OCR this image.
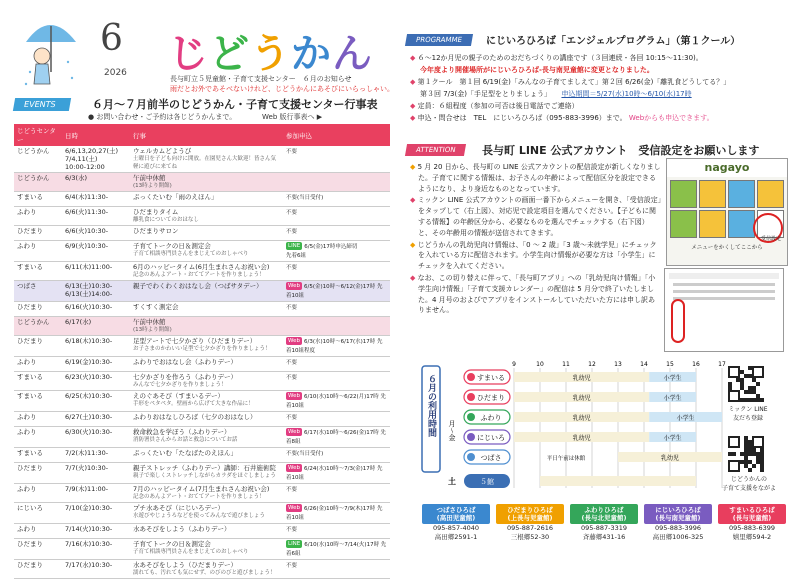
6
2026 じどうかん
長与町立５児童館・子育て支援センター　６月のお知らせ
雨だとお外であそべないけれど、じどうかんにあそびにいらっしゃい。
EVENTS	６月〜７月前半のじどうかん・子育て支援センター行事表
● お問い合わせ・ご予約は各じどうかんまで。	Web 版行事表へ ▶
じどうセンター	日時	行事	参加申込
じどうかん	6/6,13,20,27(土)
7/4,11(土)
10:00-12:00	ウェルカムどようび
土曜日を子ども向けに開放。在園児さん大歓迎！皆さん気軽に遊びに来てね	不要
じどうかん	6/3(水)	午前中休館
(13時より開館)	

すまいる	6/4(木)11:30-	ぷっくたいむ「雨のえほん」	不要(当日受付)
ふわり	6/6(火)11:30-	ひだまりタイム
離乳食についてのおはなし	不要
ひだまり	6/6(火)10:30-	ひだまりサロン	不要
ふわり	6/9(火)10:30-	子育てトークの日＆測定会
子育て相談専門員さんをまじえてのおしゃべり	LINE 6/5(金)17時申込締切
先着6組
すまいる	6/11(木)11:00-	6月のハッピータイム(6月生まれさんお祝い会)
記念のあんよアート・おててアートを作りましょう！	不要
つばさ	6/13(土)10:30-
6/13(土)14:00-	親子でわくわくおはなし会（つばサタデー）	Web 6/5(金)10時〜6/12(金)17時 先着10組
ひだまり	6/16(火)10:30-	すくすく測定会	不要
じどうかん	6/17(水)	午前中休館
(13時より開館)	

ひだまり	6/18(木)10:30-	足型アートで七夕かざり（ひだまりデー）
お子さまのかわいい足型で七夕かざりを作りましょう！	Web 6/3(水)10時〜6/17(水)17時 先着10組程度
ふわり	6/19(金)10:30-	ふわりでおはなし会（ふわりデー）	不要
すまいる	6/23(火)10:30-	七夕かざりを作ろう（ふわりデー）
みんなで七夕かざりを作りましょう！	不要
すまいる	6/25(木)10:30-	えのぐあそび（すまいるデー）
手形をペタペタ。壁画から広げて大きな作品に！	Web 6/10(水)10時〜6/22(月)17時 先着10組
ふわり	6/27(土)10:30-	ふわりおはなしひろば（七夕のおはなし）	不要
ふわり	6/30(火)10:30-	救命救急を学ぼう（ふわりデー）
消防署員さんからお話と救急についてお話	Web 6/17(水)10時〜6/26(金)17時 先着8組
すまいる	7/2(木)11:30-	ぷっくたいむ「たなばたのえほん」	不要(当日受付)
ひだまり	7/7(火)10:30-	親子ストレッチ（ふわりデー）講師：石井施術院
親子で楽しくストレッチしながらカラダをほぐしましょう	Web 6/24(水)10時〜7/3(金)17時 先着10組
ふわり	7/9(木)11:00-	7月のハッピータイム(7月生まれさんお祝い会)
記念のあんよアート・おててアートを作りましょう！	不要
にじいろ	7/10(金)10:30-	プチ水あそび（にじいろデー）
水遊びやじょうろなどを使ってみんなで遊びましょう	Web 6/26(金)10時〜7/9(木)17時 先着10組
ふわり	7/14(火)10:30-	水あそびをしよう（ふわりデー）	不要
ひだまり	7/16(木)10:30-	子育てトークの日＆測定会
子育て相談専門員さんをまじえてのおしゃべり	LINE 6/10(水)10時〜7/14(火)17時 先着6組
ひだまり	7/17(水)10:30-	水あそびをしよう（ひだまりデー）
濡れても、汚れても気にせず、のびのびと遊びましょう！	不要
PROGRAMME	にじいろひろば「エンジェルプログラム」（第１クール）
◆ ６〜12か月児の親子のためのおだちづくりの講座です（３回連続・各回 10:15〜11:30)。
今年度より開催場所がにじいろひろば-長与南児童館に変更となりました。
◆ 第１クール　第１回 6/19(金)「みんなの子育てましえて」第２回 6/26(金)「離乳食どうしてる？」
第３回 7/3(金)「手足型をとりましょう」　　 申込期間＝5/27(水)10時〜6/10(水)17時
◆ 定員：６組程度（参加の可否は後日電話でご連絡）
◆ 申込・問合せは　TEL　にじいろひろば（095-883-3996）まで。 Webからも申込できます。
ATTENTION	長与町 LINE 公式アカウント　受信設定をお願いします

◆ 5 月 20 日から、長与町の LINE 公式アカウントの配信設定が新しくなりました。子育てに関する情報は、お子さんの年齢によって配信区分を設定できるようになり、より身近なものとなっています。

◆ ミックン LINE 公式アカウントの画面一番下からメニューを開き、「受信設定」をタップして（右上図）、対応児で設定項目を選んでください。【子どもに関する情報】の年齢区分から、必要なものを選んでチェックする（右下図）と、その年齢用の情報が送信されてきます。

◆ じどうかんの乳幼児向け情報は、「0 〜 2 歳」「3 歳〜未就学児」にチェックを入れている方に配信されます。小学生向け情報が必要な方は「小学生」にチェックを入れてください。

◆ なお、この切り替えに伴って、「長与町アプリ」への「乳幼児向け情報」「小学生向け情報」「子育て支援カレンダー」の配信は 5 月分で終了いたしました。4 月号のおよびでアプリをインストールしていただいた方には申し訳ありません。

nagayo
メニューをかくしてここから
受信設定
６月の利用時間 月〜金
9	10	11	12	13	14	15	16	17
すまいる	乳幼児	小学生
ひだまり	乳幼児	小学生
ふわり	乳幼児	小学生
にじいろ	乳幼児	小学生
つばさ	平日午前は休館	乳幼児
土	５館
ミックン LINE
友だち登録
じどうかんの
子育て支援をながよ
つばさひろば
(高田児童館)
095-857-4040
高田郷2591-1
ひだまりひろば
(上長与児童館)
095-887-2616
三根郷52-30
ふわりひろば
(長与北児童館)
095-887-3319
斉藤郷431-16
にじいろひろば
(長与南児童館)
095-883-3996
高田郷1006-325
すまいるひろば
(長与児童館)
095-883-6399
嬉里郷594-2
